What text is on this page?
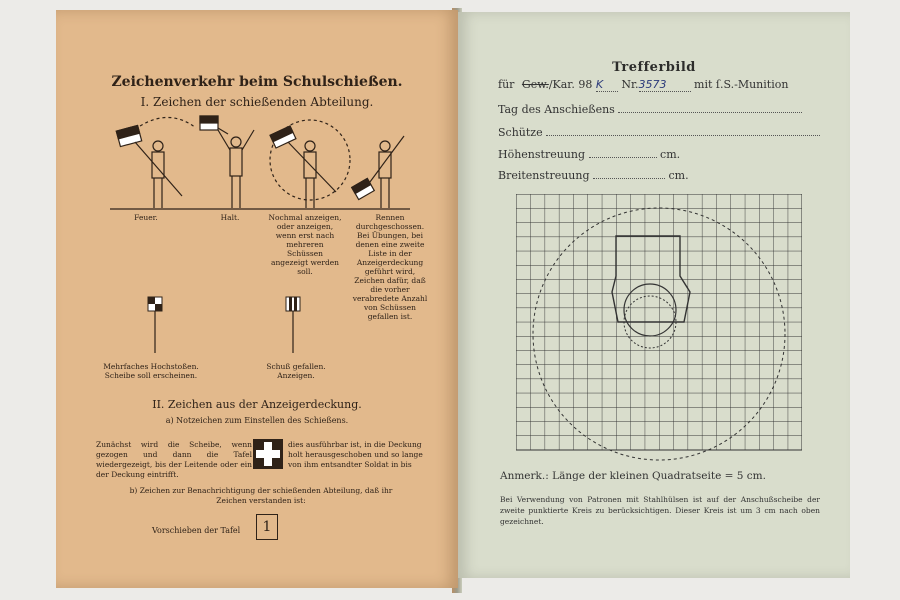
Zeichenverkehr beim Schulschießen.
I. Zeichen der schießenden Abteilung.
Feuer.	Halt.	Nochmal anzeigen, oder anzeigen, wenn erst nach mehreren Schüssen angezeigt werden soll.
Rennen durchgeschossen. Bei Übungen, bei denen eine zweite Liste in der Anzeigerdeckung geführt wird, Zeichen dafür, daß die vorher verabredete Anzahl von Schüssen gefallen ist.
Mehrfaches Hochstoßen. Scheibe soll erscheinen.
Schuß gefallen. Anzeigen.
II. Zeichen aus der Anzeigerdeckung.
a) Notzeichen zum Einstellen des Schießens.
Zunächst wird die Scheibe, wenn gezogen und dann die Tafel wiedergezeigt, bis der Leitende oder ein der Deckung eintrifft.
dies ausführbar ist, in die Deckung holt herausgeschoben und so lange von ihm entsandter Soldat in bis
b) Zeichen zur Benachrichtigung der schießenden Abteilung, daß ihr Zeichen verstanden ist:
Vorschieben der Tafel	1
Trefferbild
für Gew./Kar. 98 K Nr.3573	mit ſ.S.-Munition
Tag des Anschießens
Schütze
Höhenstreuung	cm.
Breitenstreuung	cm.
Anmerk.: Länge der kleinen Quadratseite = 5 cm.
Bei Verwendung von Patronen mit Stahlhülsen ist auf der Anschußscheibe der zweite punktierte Kreis zu berücksichtigen. Dieser Kreis ist um 3 cm nach oben gezeichnet.
